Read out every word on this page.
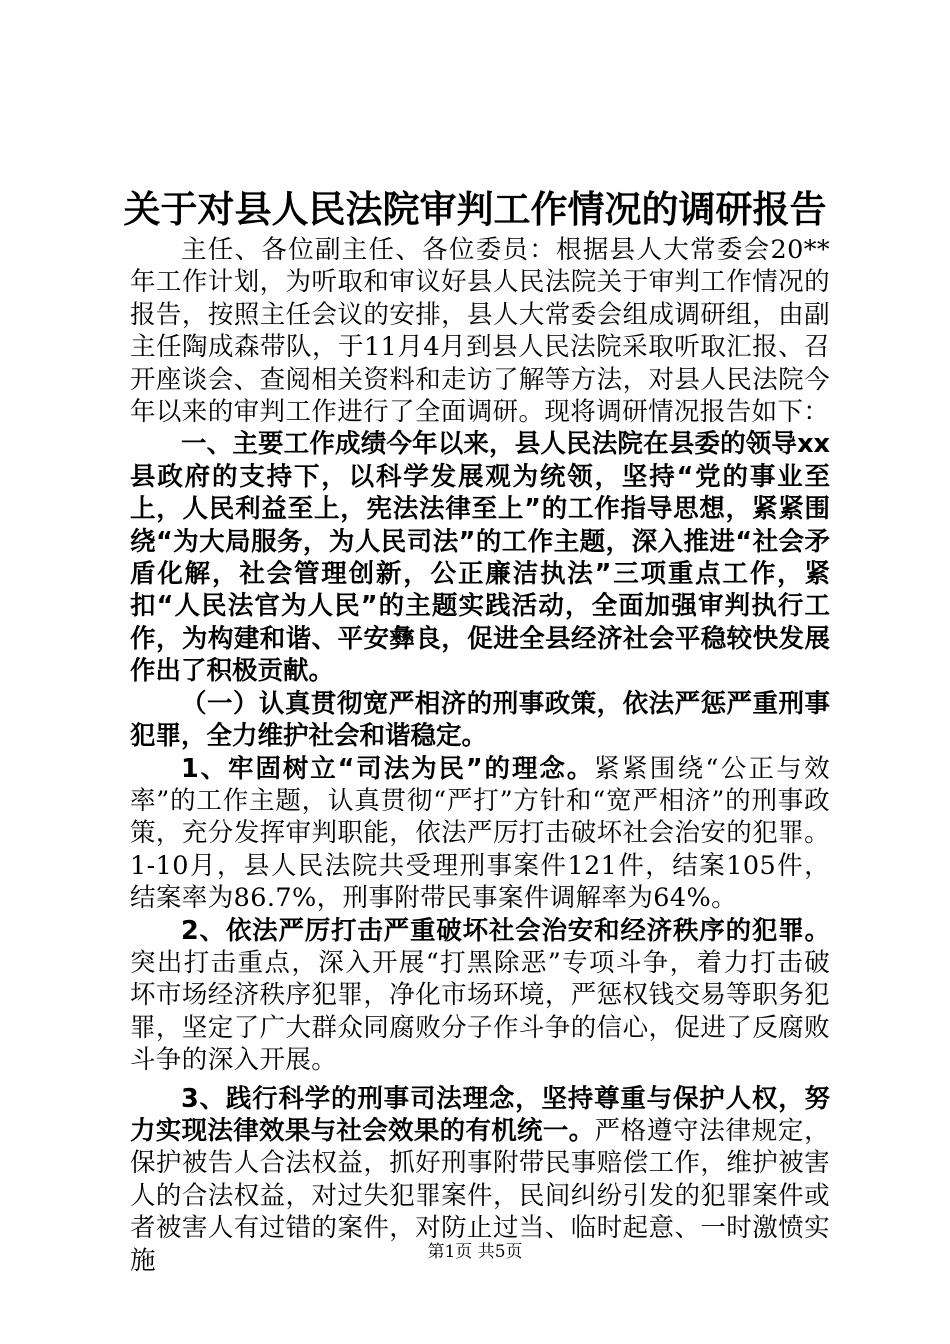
关于对县人民法院审判工作情况的调研报告

主任、各位副主任、各位委员：根据县人大常委会20**年工作计划，为听取和审议好县人民法院关于审判工作情况的报告，按照主任会议的安排，县人大常委会组成调研组，由副主任陶成森带队，于11月4月到县人民法院采取听取汇报、召开座谈会、查阅相关资料和走访了解等方法，对县人民法院今年以来的审判工作进行了全面调研。现将调研情况报告如下：

一、主要工作成绩今年以来，县人民法院在县委的领导xx县政府的支持下，以科学发展观为统领，坚持“党的事业至上，人民利益至上，宪法法律至上”的工作指导思想，紧紧围绕“为大局服务，为人民司法”的工作主题，深入推进“社会矛盾化解，社会管理创新，公正廉洁执法”三项重点工作，紧扣“人民法官为人民”的主题实践活动，全面加强审判执行工作，为构建和谐、平安彝良，促进全县经济社会平稳较快发展作出了积极贡献。

（一）认真贯彻宽严相济的刑事政策，依法严惩严重刑事犯罪，全力维护社会和谐稳定。

1、牢固树立“司法为民”的理念。紧紧围绕“公正与效率”的工作主题，认真贯彻“严打”方针和“宽严相济”的刑事政策，充分发挥审判职能，依法严厉打击破坏社会治安的犯罪。1-10月，县人民法院共受理刑事案件121件，结案105件，结案率为86.7%，刑事附带民事案件调解率为64%。

2、依法严厉打击严重破坏社会治安和经济秩序的犯罪。突出打击重点，深入开展“打黑除恶”专项斗争，着力打击破坏市场经济秩序犯罪，净化市场环境，严惩权钱交易等职务犯罪，坚定了广大群众同腐败分子作斗争的信心，促进了反腐败斗争的深入开展。

3、践行科学的刑事司法理念，坚持尊重与保护人权，努力实现法律效果与社会效果的有机统一。严格遵守法律规定，保护被告人合法权益，抓好刑事附带民事赔偿工作，维护被害人的合法权益，对过失犯罪案件，民间纠纷引发的犯罪案件或者被害人有过错的案件，对防止过当、临时起意、一时激愤实施	第1页 共5页
